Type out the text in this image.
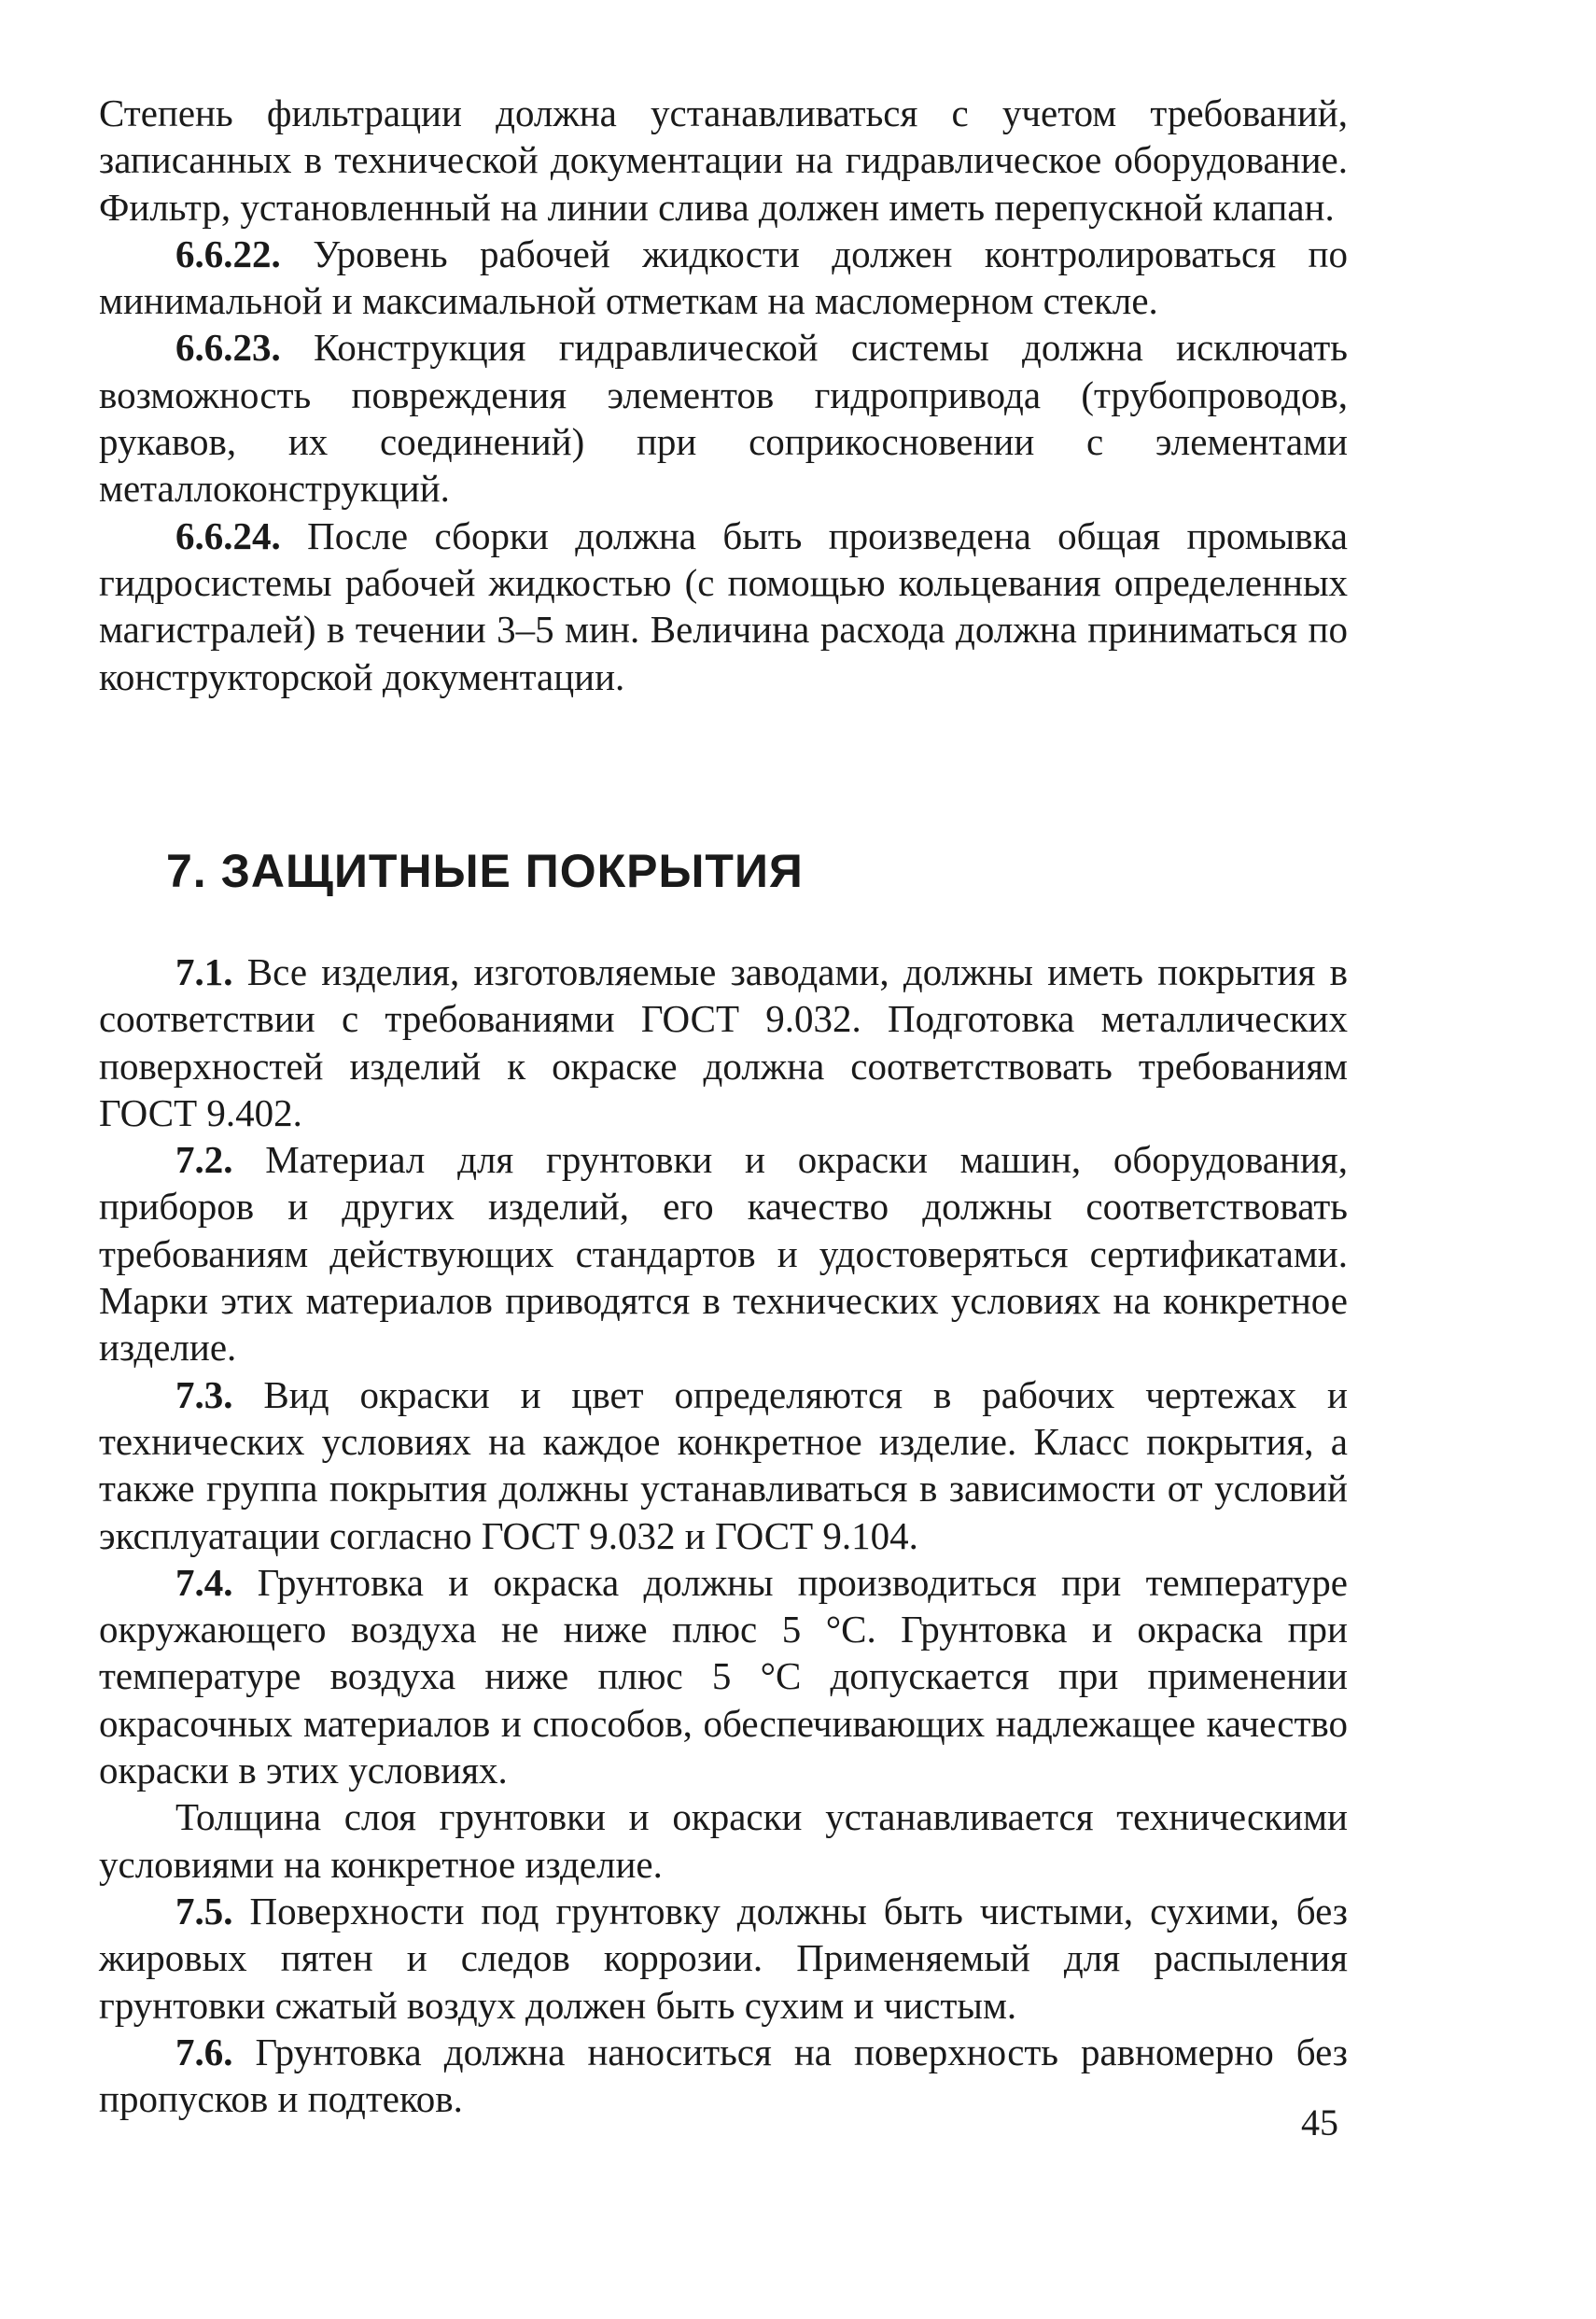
Степень фильтрации должна устанавливаться с учетом требований, записанных в технической документации на гидравлическое оборудование. Фильтр, установленный на линии слива должен иметь перепускной клапан.

6.6.22. Уровень рабочей жидкости должен контролироваться по минимальной и максимальной отметкам на масломерном стекле.

6.6.23. Конструкция гидравлической системы должна исключать возможность повреждения элементов гидропривода (трубопроводов, рукавов, их соединений) при соприкосновении с элементами металлоконструкций.

6.6.24. После сборки должна быть произведена общая промывка гидросистемы рабочей жидкостью (с помощью кольцевания определенных магистралей) в течении 3–5 мин. Величина расхода должна приниматься по конструкторской документации.

7. ЗАЩИТНЫЕ ПОКРЫТИЯ

7.1. Все изделия, изготовляемые заводами, должны иметь покрытия в соответствии с требованиями ГОСТ 9.032. Подготовка металлических поверхностей изделий к окраске должна соответствовать требованиям ГОСТ 9.402.

7.2. Материал для грунтовки и окраски машин, оборудования, приборов и других изделий, его качество должны соответствовать требованиям действующих стандартов и удостоверяться сертификатами. Марки этих материалов приводятся в технических условиях на конкретное изделие.

7.3. Вид окраски и цвет определяются в рабочих чертежах и технических условиях на каждое конкретное изделие. Класс покрытия, а также группа покрытия должны устанавливаться в зависимости от условий эксплуатации согласно ГОСТ 9.032 и ГОСТ 9.104.

7.4. Грунтовка и окраска должны производиться при температуре окружающего воздуха не ниже плюс 5 °С. Грунтовка и окраска при температуре воздуха ниже плюс 5 °С допускается при применении окрасочных материалов и способов, обеспечивающих надлежащее качество окраски в этих условиях.

Толщина слоя грунтовки и окраски устанавливается техническими условиями на конкретное изделие.

7.5. Поверхности под грунтовку должны быть чистыми, сухими, без жировых пятен и следов коррозии. Применяемый для распыления грунтовки сжатый воздух должен быть сухим и чистым.

7.6. Грунтовка должна наноситься на поверхность равномерно без пропусков и подтеков.

45
